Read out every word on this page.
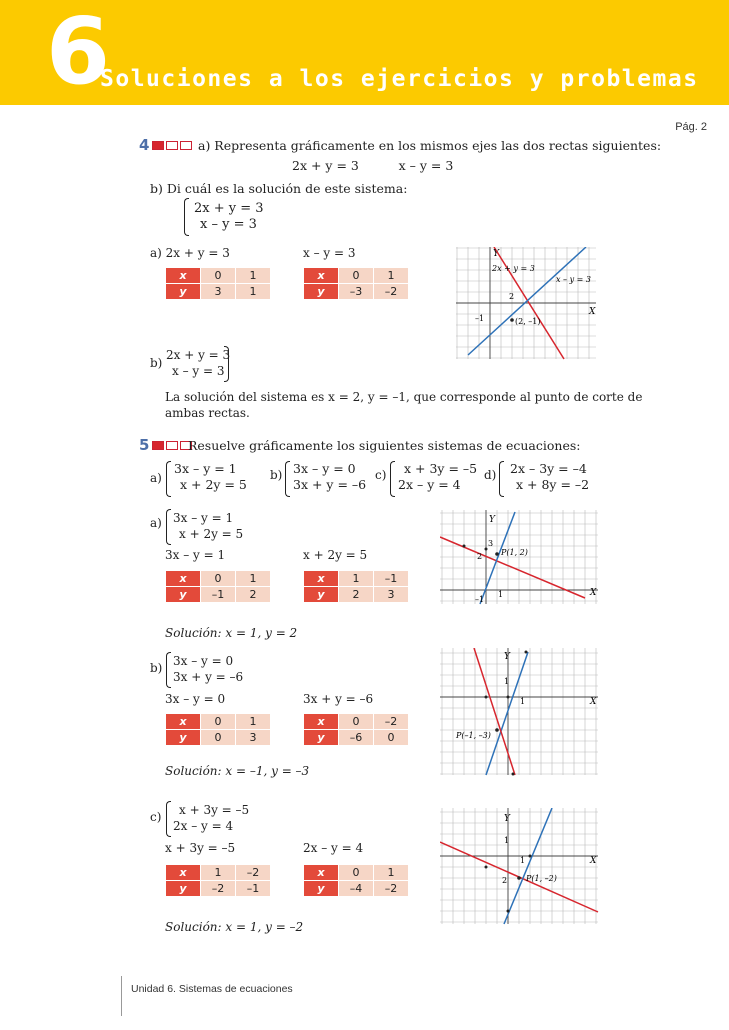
6
Soluciones a los ejercicios y problemas
Pág. 2
4	a) Representa gráficamente en los mismos ejes las dos rectas siguientes:
2x + y = 3          x – y = 3
b) Di cuál es la solución de este sistema:
2x + y = 3
x – y = 3
a) 2x + y = 3	x – y = 3
x	0	1
y	3	1
x	0	1
y	–3	–2
Y
X
2x + y = 3
x – y = 3
2
–1	(2, –1)
b)
2x + y = 3
x – y = 3
La solución del sistema es x = 2, y = –1, que corresponde al punto de corte de
ambas rectas.
5	Resuelve gráficamente los siguientes sistemas de ecuaciones:
a)
3x – y = 1
x + 2y = 5
b) 3x – y = 0
3x + y = –6
c)	x + 3y = –5
2x – y = 4
d) 2x – 3y = –4
x + 8y = –2
a) 3x – y = 1
x + 2y = 5
3x – y = 1	x + 2y = 5
x	0	1
y	–1	2
x	1	–1
y	2	3
Solución: x = 1, y = 2
Y
X
3
2
–1
1
P(1, 2)
b) 3x – y = 0
3x + y = –6
3x – y = 0	3x + y = –6
x	0	1
y	0	3
x	0	–2
y	–6	0
Solución: x = –1, y = –3
Y
X
1
1
P(–1, –3)
c)	x + 3y = –5
2x – y = 4
x + 3y = –5	2x – y = 4
x	1	–2
y	–2	–1
x	0	1
y	–4	–2
Solución: x = 1, y = –2
Y
X
1
1
2 P(1, –2)
Unidad 6. Sistemas de ecuaciones
